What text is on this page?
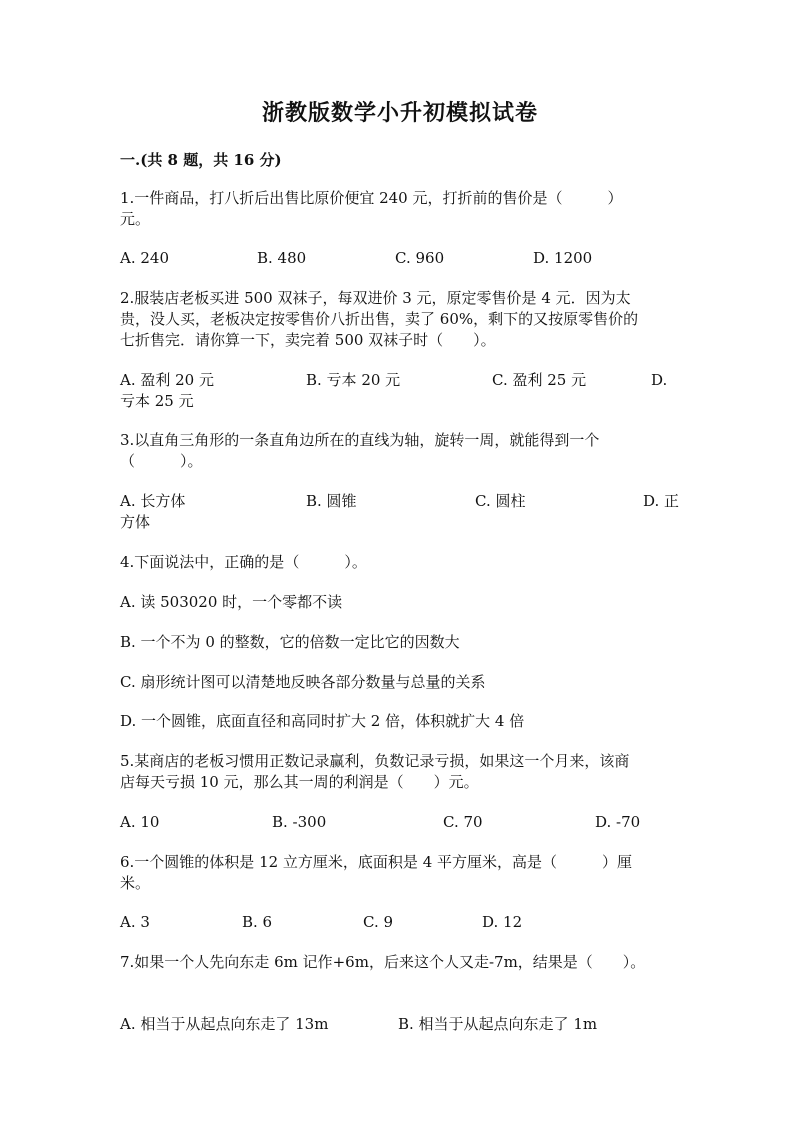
浙教版数学小升初模拟试卷
一.(共 8 题，共 16 分)
1.一件商品，打八折后出售比原价便宜 240 元，打折前的售价是（　　　）
元。
A. 240	B. 480	C. 960	D. 1200
2.服装店老板买进 500 双袜子，每双进价 3 元，原定零售价是 4 元．因为太
贵，没人买，老板决定按零售价八折出售，卖了 60%，剩下的又按原零售价的
七折售完．请你算一下，卖完着 500 双袜子时（　　）。
A. 盈利 20 元	B. 亏本 20 元	C. 盈利 25 元	D.
亏本 25 元
3.以直角三角形的一条直角边所在的直线为轴，旋转一周，就能得到一个
（　　　）。
A. 长方体	B. 圆锥	C. 圆柱	D. 正
方体
4.下面说法中，正确的是（　　　）。
A. 读 503020 时，一个零都不读
B. 一个不为 0 的整数，它的倍数一定比它的因数大
C. 扇形统计图可以清楚地反映各部分数量与总量的关系
D. 一个圆锥，底面直径和高同时扩大 2 倍，体积就扩大 4 倍
5.某商店的老板习惯用正数记录赢利，负数记录亏损，如果这一个月来，该商
店每天亏损 10 元，那么其一周的利润是（　　）元。
A. 10	B. -300	C. 70	D. -70
6.一个圆锥的体积是 12 立方厘米，底面积是 4 平方厘米，高是（　　　）厘
米。
A. 3	B. 6	C. 9	D. 12
7.如果一个人先向东走 6m 记作+6m，后来这个人又走-7m，结果是（　　）。
A. 相当于从起点向东走了 13m	B. 相当于从起点向东走了 1m
